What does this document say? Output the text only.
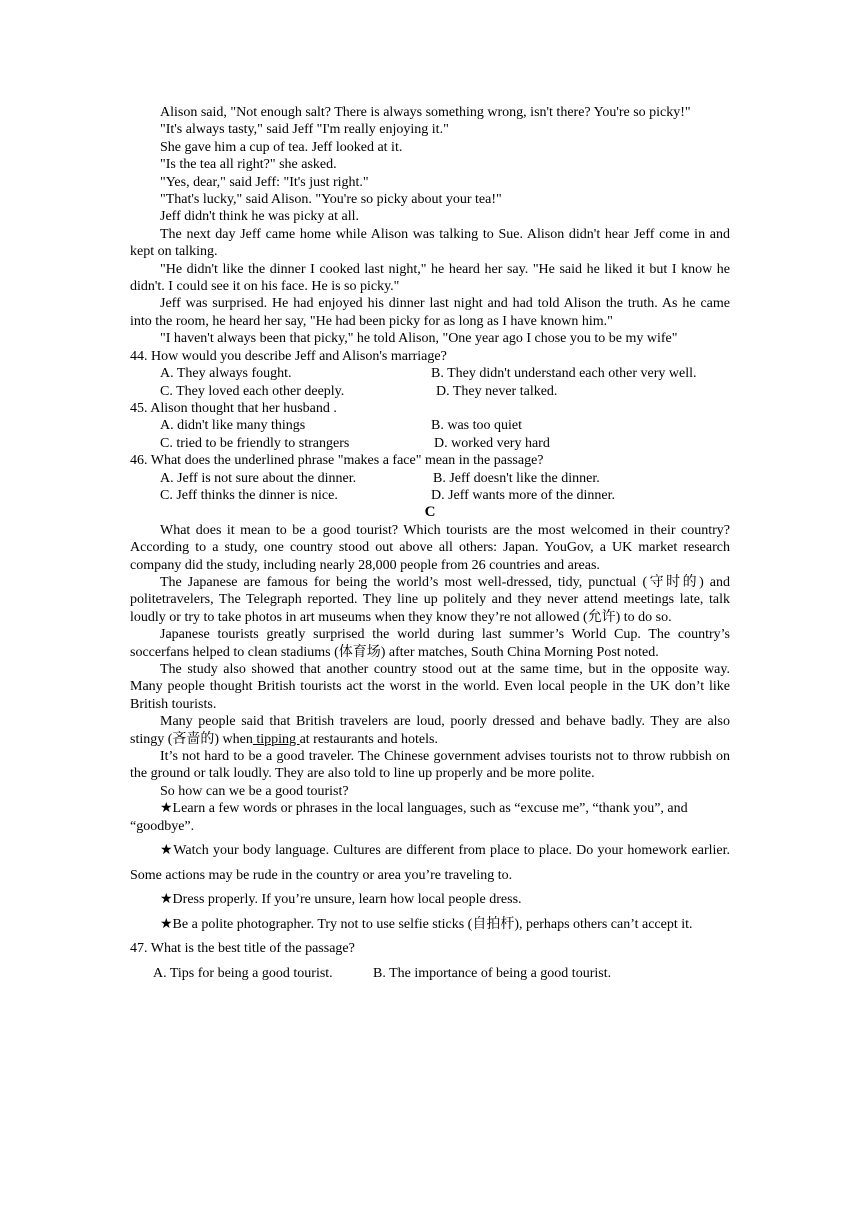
Alison said, "Not enough salt? There is always something wrong, isn't there? You're so picky!"

"It's always tasty," said Jeff "I'm really enjoying it."

She gave him a cup of tea. Jeff looked at it.

"Is the tea all right?" she asked.

"Yes, dear," said Jeff: "It's just right."

"That's lucky," said Alison. "You're so picky about your tea!"

Jeff didn't think he was picky at all.

The next day Jeff came home while Alison was talking to Sue. Alison didn't hear Jeff come in and kept on talking.

"He didn't like the dinner I cooked last night," he heard her say. "He said he liked it but I know he didn't. I could see it on his face. He is so picky."

Jeff was surprised. He had enjoyed his dinner last night and had told Alison the truth. As he came into the room, he heard her say, "He had been picky for as long as I have known him."

"I haven't always been that picky," he told Alison, "One year ago I chose you to be my wife"

44. How would you describe Jeff and Alison's marriage?

A. They always fought.	B. They didn't understand each other very well.
C. They loved each other deeply.	D. They never talked.

45. Alison thought that her husband .

A. didn't like many things	B. was too quiet
C. tried to be friendly to strangers	D. worked very hard

46. What does the underlined phrase "makes a face" mean in the passage?

A. Jeff is not sure about the dinner.	B. Jeff doesn't like the dinner.
C. Jeff thinks the dinner is nice.	D. Jeff wants more of the dinner.

C

What does it mean to be a good tourist? Which tourists are the most welcomed in their country? According to a study, one country stood out above all others: Japan. YouGov, a UK market research company did the study, including nearly 28,000 people from 26 countries and areas.

The Japanese are famous for being the world’s most well-dressed, tidy, punctual (守时的) and politetravelers, The Telegraph reported. They line up politely and they never attend meetings late, talk loudly or try to take photos in art museums when they know they’re not allowed (允许) to do so.

Japanese tourists greatly surprised the world during last summer’s World Cup. The country’s soccerfans helped to clean stadiums (体育场) after matches, South China Morning Post noted.

The study also showed that another country stood out at the same time, but in the opposite way. Many people thought British tourists act the worst in the world. Even local people in the UK don’t like British tourists.

Many people said that British travelers are loud, poorly dressed and behave badly. They are also stingy (吝啬的) when tipping at restaurants and hotels.

It’s not hard to be a good traveler. The Chinese government advises tourists not to throw rubbish on the ground or talk loudly. They are also told to line up properly and be more polite.

So how can we be a good tourist?

★Learn a few words or phrases in the local languages, such as “excuse me”, “thank you”, and

“goodbye”.

★Watch your body language. Cultures are different from place to place. Do your homework earlier. Some actions may be rude in the country or area you’re traveling to.

★Dress properly. If you’re unsure, learn how local people dress.

★Be a polite photographer. Try not to use selfie sticks (自拍杆), perhaps others can’t accept it.

47. What is the best title of the passage?

A. Tips for being a good tourist.	B. The importance of being a good tourist.
